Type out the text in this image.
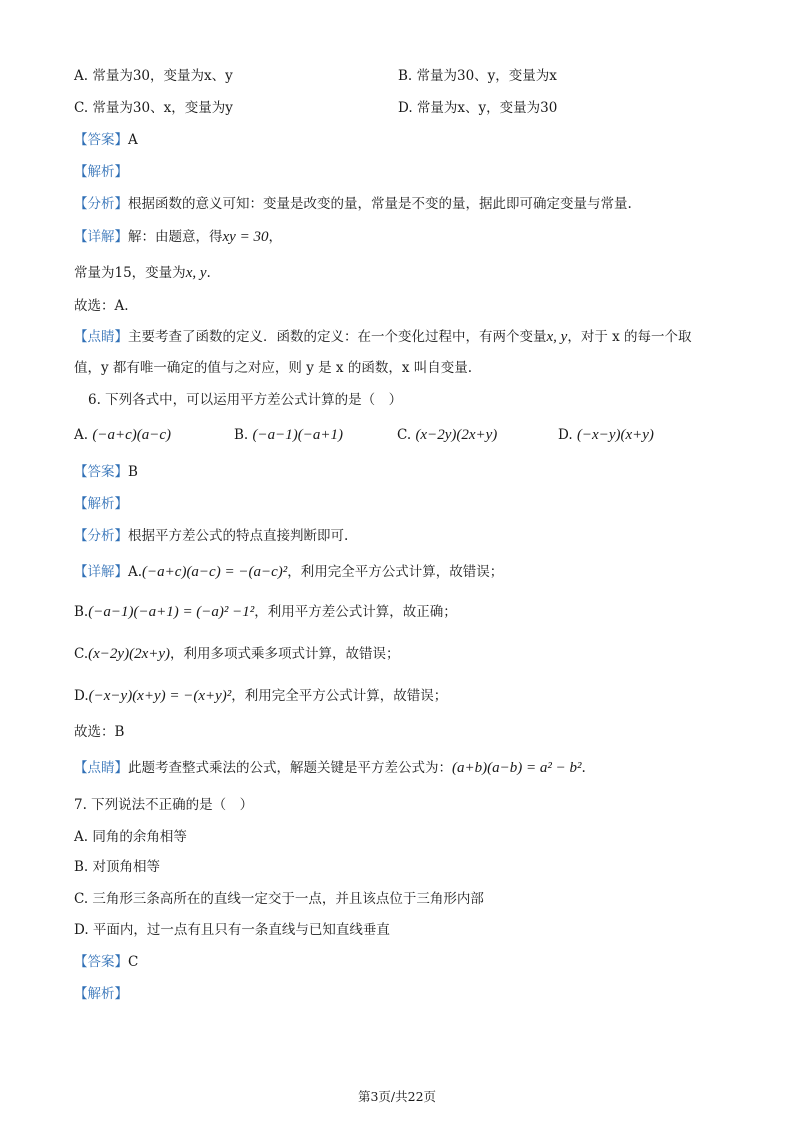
A. 常量为30，变量为x、y	B. 常量为30、y，变量为x
C. 常量为30、x，变量为y	D. 常量为x、y，变量为30
【答案】A
【解析】
【分析】根据函数的意义可知：变量是改变的量，常量是不变的量，据此即可确定变量与常量.
【详解】解：由题意，得xy = 30，
常量为15，变量为x, y.
故选：A.
【点睛】主要考查了函数的定义．函数的定义：在一个变化过程中，有两个变量x, y，对于 x 的每一个取
值，y 都有唯一确定的值与之对应，则 y 是 x 的函数，x 叫自变量.
6. 下列各式中，可以运用平方差公式计算的是（　）
A. (−a+c)(a−c)	B. (−a−1)(−a+1)	C. (x−2y)(2x+y)	D. (−x−y)(x+y)
【答案】B
【解析】
【分析】根据平方差公式的特点直接判断即可.
【详解】A.(−a+c)(a−c) = −(a−c)²，利用完全平方公式计算，故错误；
B.(−a−1)(−a+1) = (−a)² −1²，利用平方差公式计算，故正确；
C.(x−2y)(2x+y)，利用多项式乘多项式计算，故错误；
D.(−x−y)(x+y) = −(x+y)²，利用完全平方公式计算，故错误；
故选：B
【点睛】此题考查整式乘法的公式，解题关键是平方差公式为：(a+b)(a−b) = a² − b².
7. 下列说法不正确的是（　）
A. 同角的余角相等
B. 对顶角相等
C. 三角形三条高所在的直线一定交于一点，并且该点位于三角形内部
D. 平面内，过一点有且只有一条直线与已知直线垂直
【答案】C
【解析】
第3页/共22页
